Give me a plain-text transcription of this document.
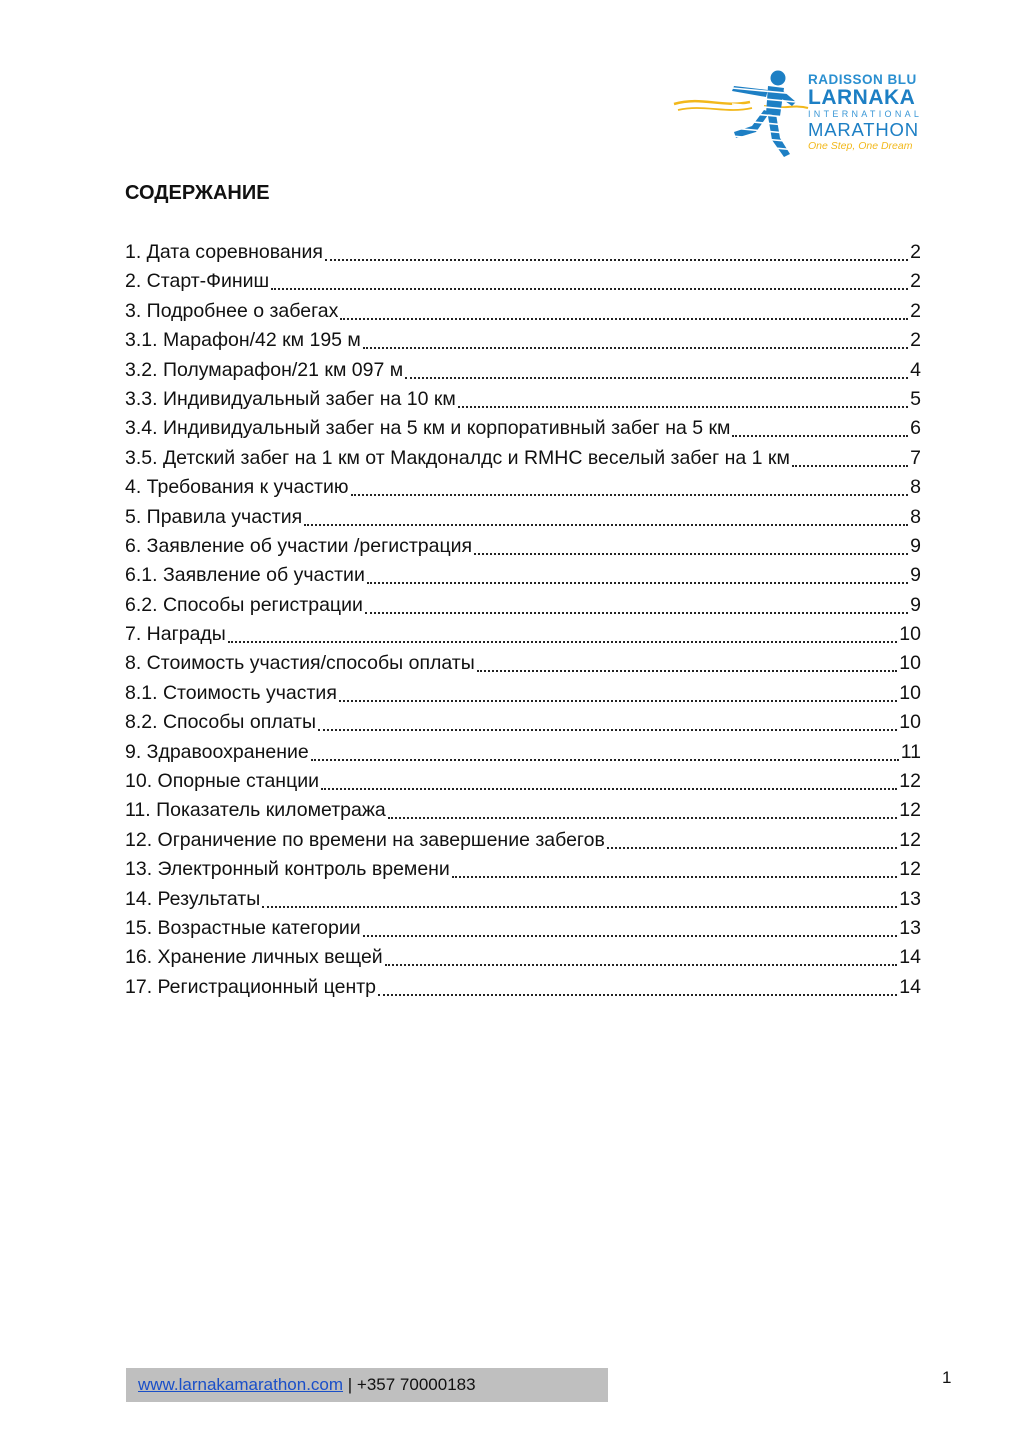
RADISSON BLU
LARNAKA
INTERNATIONAL
MARATHON
One Step, One Dream
СОДЕРЖАНИЕ
1. Дата соревнования	2
2. Старт-Финиш	2
3. Подробнее о забегах	2
3.1. Марафон/42 км 195 м	2
3.2. Полумарафон/21 км 097 м	4
3.3. Индивидуальный забег на 10 км	5
3.4. Индивидуальный забег на 5 км и корпоративный забег на 5 км	6
3.5. Детский забег на 1 км от Макдоналдс и RMHC веселый забег на 1 км	7
4. Требования к участию	8
5. Правила участия	8
6. Заявление об участии /регистрация	9
6.1. Заявление об участии	9
6.2. Способы регистрации	9
7. Награды	10
8. Стоимость участия/способы оплаты	10
8.1. Стоимость участия	10
8.2. Способы оплаты	10
9. Здравоохранение	11
10. Опорные станции	12
11. Показатель километража	12
12. Ограничение по времени на завершение забегов	12
13. Электронный контроль времени	12
14. Результаты	13
15. Возрастные категории	13
16. Хранение личных вещей	14
17. Регистрационный центр	14
www.larnakamarathon.com | +357 70000183	1
